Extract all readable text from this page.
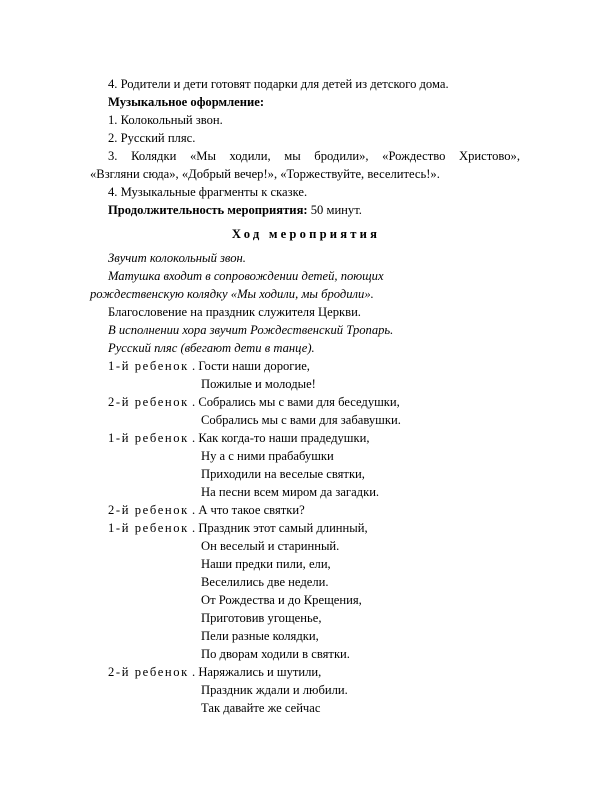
4. Родители и дети готовят подарки для детей из детского дома.
Музыкальное оформление:
1. Колокольный звон.
2. Русский пляс.
3. Колядки «Мы ходили, мы бродили», «Рождество Христово»,
«Взгляни сюда», «Добрый вечер!», «Торжествуйте, веселитесь!».
4. Музыкальные фрагменты к сказке.
Продолжительность мероприятия: 50 минут.
Ход мероприятия
Звучит колокольный звон.
Матушка входит в сопровождении детей, поющих
рождественскую колядку «Мы ходили, мы бродили».
Благословение на праздник служителя Церкви.
В исполнении хора звучит Рождественский Тропарь.
Русский пляс (вбегают дети в танце).
1-й ребенок . Гости наши дорогие,
Пожилые и молодые!
2-й ребенок . Собрались мы с вами для беседушки,
Собрались мы с вами для забавушки.
1-й ребенок . Как когда-то наши прадедушки,
Ну а с ними прабабушки
Приходили на веселые святки,
На песни всем миром да загадки.
2-й ребенок . А что такое святки?
1-й ребенок . Праздник этот самый длинный,
Он веселый и старинный.
Наши предки пили, ели,
Веселились две недели.
От Рождества и до Крещения,
Приготовив угощенье,
Пели разные колядки,
По дворам ходили в святки.
2-й ребенок . Наряжались и шутили,
Праздник ждали и любили.
Так давайте же сейчас
